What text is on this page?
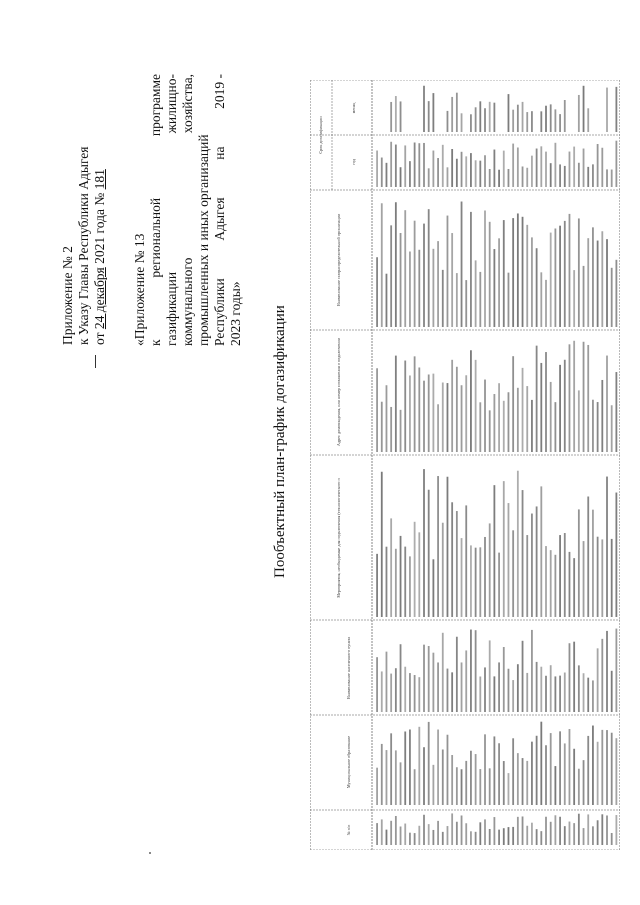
Приложение № 2 к Указу Главы Республики Адыгея от 24 декабря 2021 года № 181
«Приложение № 13 к
региональной
программе
газификации
жилищно-
коммунального
хозяйства,
промышленных и иных организаций Республики
Адыгея
на
2019 -
2023 годы» Пообъектный план-график догазификации
№ п/п
Муниципальное образование
Наименование населенного пункта
Мероприятия, необходимые для подключения (технологического п
Адрес домовладения, или номер соглашения о подключении
Наименование газораспределительной организации
Срок догазификации
год
месяц
